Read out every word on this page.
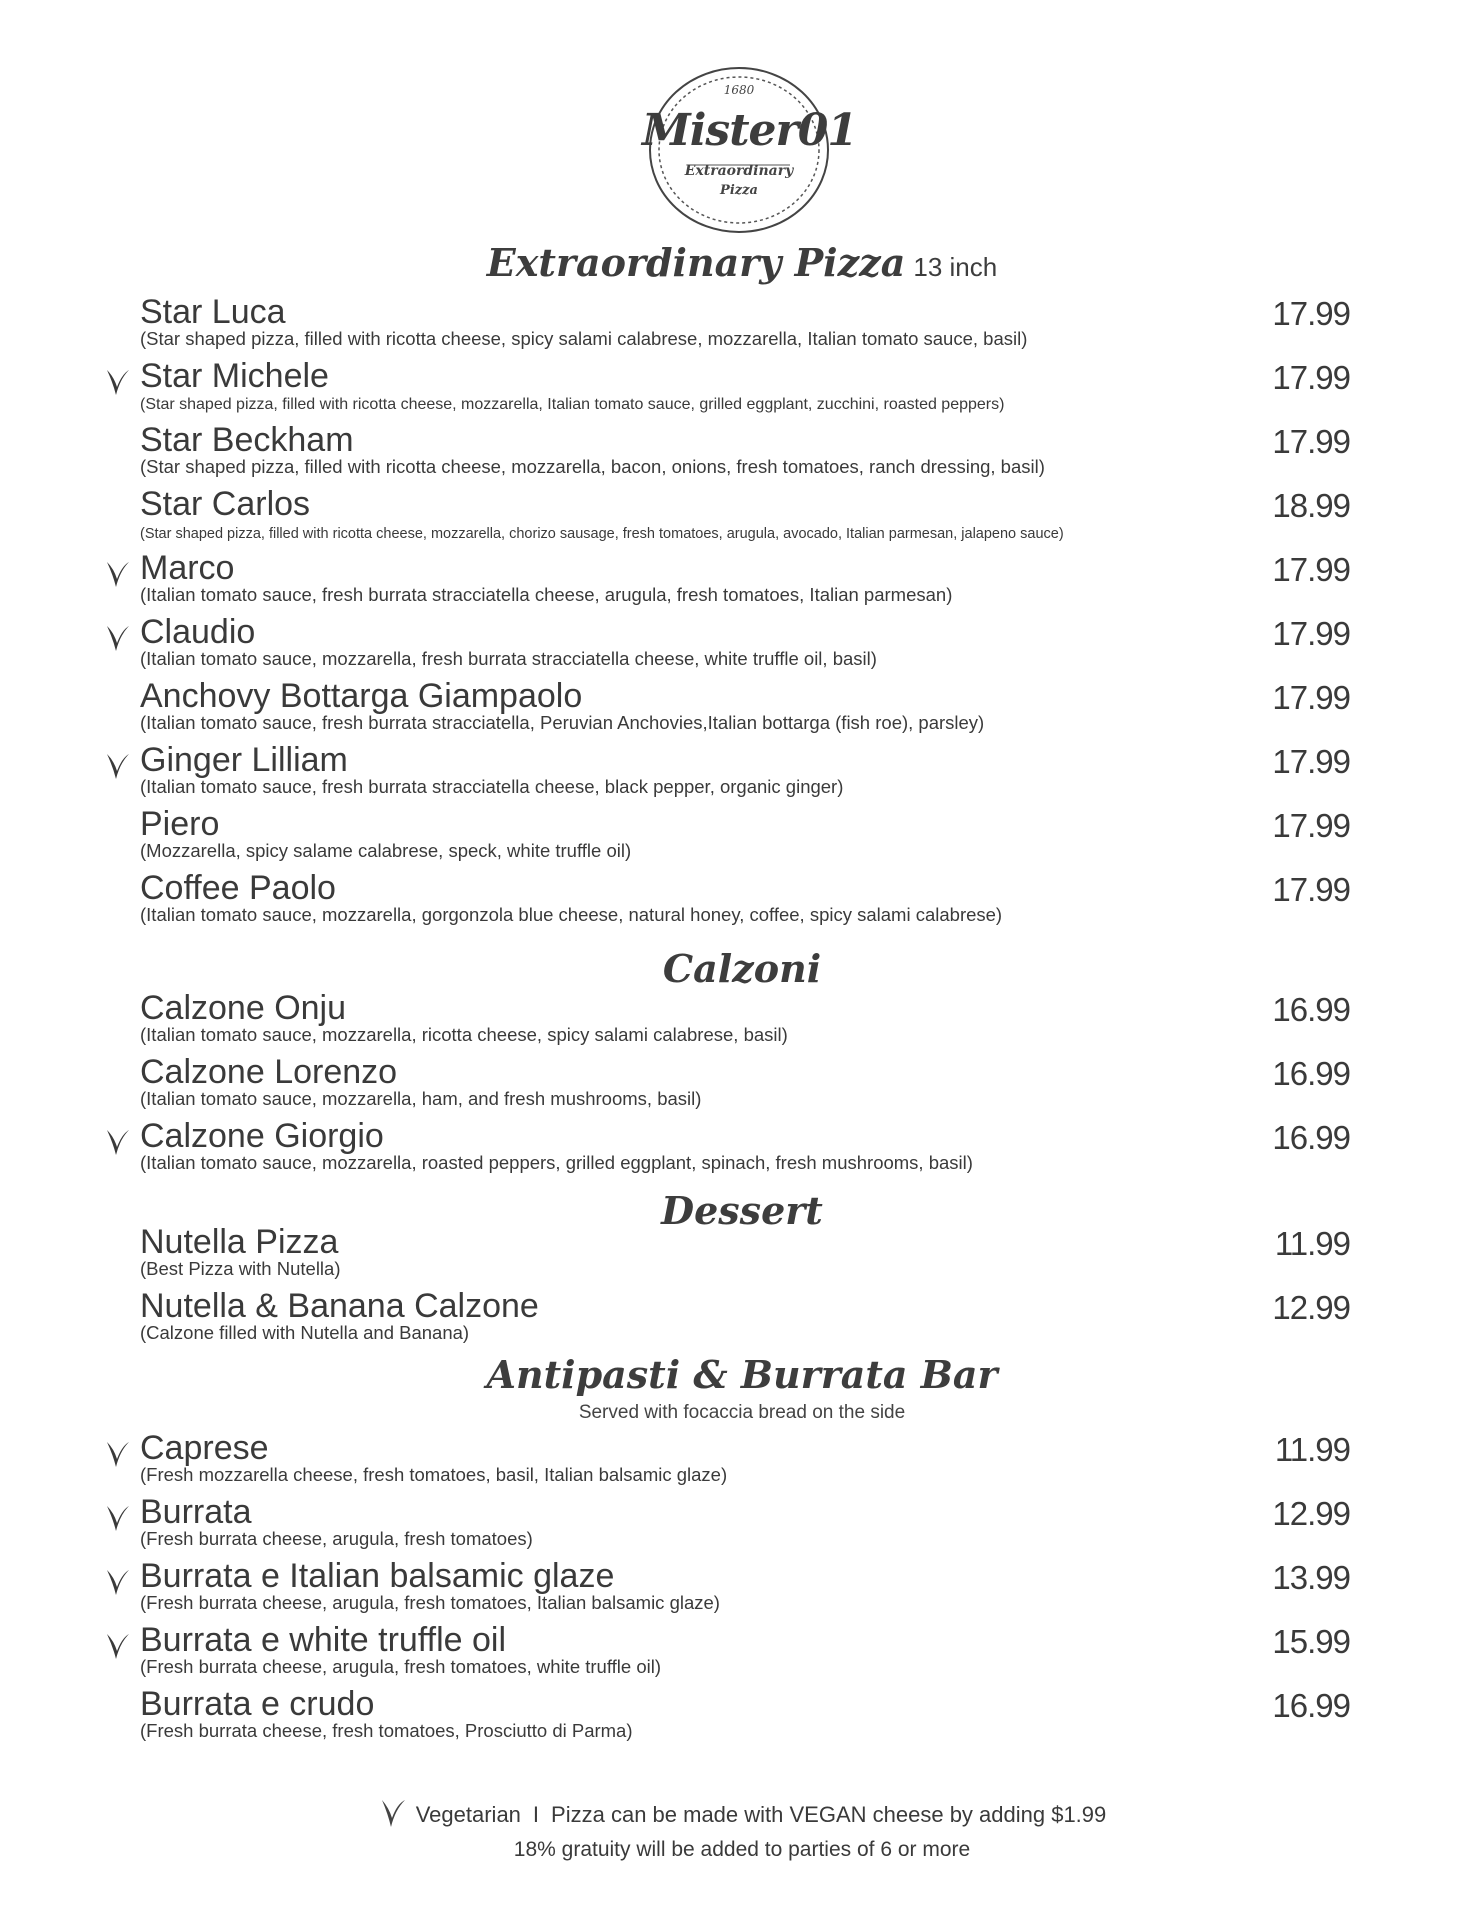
1680
Mister01
Extraordinary
Pizza
Extraordinary Pizza 13 inch
Star Luca
(Star shaped pizza, filled with ricotta cheese, spicy salami calabrese, mozzarella, Italian tomato sauce, basil)
17.99
Star Michele
(Star shaped pizza, filled with ricotta cheese, mozzarella, Italian tomato sauce, grilled eggplant, zucchini, roasted peppers)
17.99
Star Beckham
(Star shaped pizza, filled with ricotta cheese, mozzarella, bacon, onions, fresh tomatoes, ranch dressing, basil)
17.99
Star Carlos
(Star shaped pizza, filled with ricotta cheese, mozzarella, chorizo sausage, fresh tomatoes, arugula, avocado, Italian parmesan, jalapeno sauce)
18.99
Marco
(Italian tomato sauce, fresh burrata stracciatella cheese, arugula, fresh tomatoes, Italian parmesan)
17.99
Claudio
(Italian tomato sauce, mozzarella, fresh burrata stracciatella cheese, white truffle oil, basil)
17.99
Anchovy Bottarga Giampaolo
(Italian tomato sauce, fresh burrata stracciatella, Peruvian Anchovies,Italian bottarga (fish roe), parsley)
17.99
Ginger Lilliam
(Italian tomato sauce, fresh burrata stracciatella cheese, black pepper, organic ginger)
17.99
Piero
(Mozzarella, spicy salame calabrese, speck, white truffle oil)
17.99
Coffee Paolo
(Italian tomato sauce, mozzarella, gorgonzola blue cheese, natural honey, coffee, spicy salami calabrese)
17.99
Calzoni
Calzone Onju
(Italian tomato sauce, mozzarella, ricotta cheese, spicy salami calabrese, basil)
16.99
Calzone Lorenzo
(Italian tomato sauce, mozzarella, ham, and fresh mushrooms, basil)
16.99
Calzone Giorgio
(Italian tomato sauce, mozzarella, roasted peppers, grilled eggplant, spinach, fresh mushrooms, basil)
16.99
Dessert
Nutella Pizza
(Best Pizza with Nutella)
11.99
Nutella & Banana Calzone
(Calzone filled with Nutella and Banana)
12.99
Antipasti & Burrata Bar
Served with focaccia bread on the side
Caprese
(Fresh mozzarella cheese, fresh tomatoes, basil, Italian balsamic glaze)
11.99
Burrata
(Fresh burrata cheese, arugula, fresh tomatoes)
12.99
Burrata e Italian balsamic glaze
(Fresh burrata cheese, arugula, fresh tomatoes, Italian balsamic glaze)
13.99
Burrata e white truffle oil
(Fresh burrata cheese, arugula, fresh tomatoes, white truffle oil)
15.99
Burrata e crudo
(Fresh burrata cheese, fresh tomatoes, Prosciutto di Parma)
16.99
Vegetarian I Pizza can be made with VEGAN cheese by adding $1.99
18% gratuity will be added to parties of 6 or more
